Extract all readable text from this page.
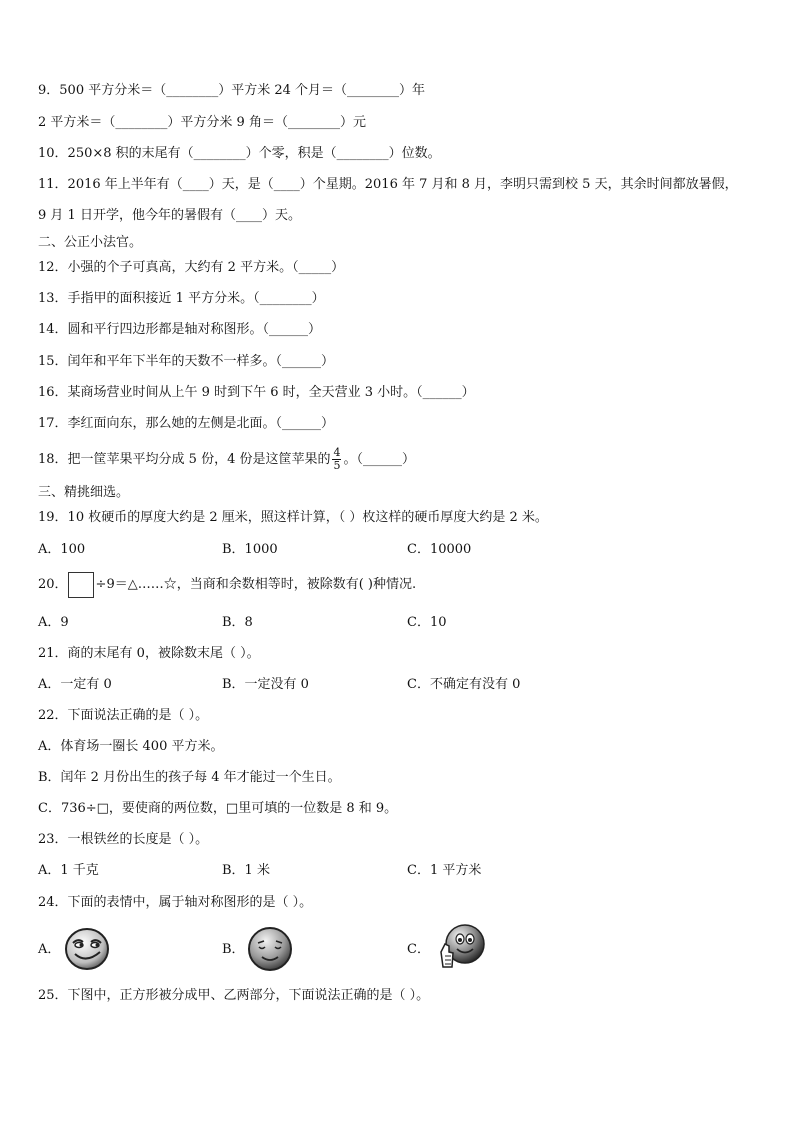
9．500 平方分米＝（________）平方米 24 个月＝（________）年
2 平方米＝（________）平方分米 9 角＝（________）元
10．250×8 积的末尾有（________）个零，积是（________）位数。
11．2016 年上半年有（____）天，是（____）个星期。2016 年 7 月和 8 月，李明只需到校 5 天，其余时间都放暑假，
9 月 1 日开学，他今年的暑假有（____）天。
二、公正小法官。
12．小强的个子可真高，大约有 2 平方米。（_____）
13．手指甲的面积接近 1 平方分米。（________）
14．圆和平行四边形都是轴对称图形。（______）
15．闰年和平年下半年的天数不一样多。（______）
16．某商场营业时间从上午 9 时到下午 6 时，全天营业 3 小时。（______）
17．李红面向东，那么她的左侧是北面。（______）
18．把一筐苹果平均分成 5 份，4 份是这筐苹果的 $\frac{4}{5}$ 。（______）
三、精挑细选。
19．10 枚硬币的厚度大约是 2 厘米，照这样计算，（ ）枚这样的硬币厚度大约是 2 米。
A．100	B．1000	C．10000
20． ÷9＝△……☆，当商和余数相等时，被除数有( )种情况.
A．9	B．8	C．10
21．商的末尾有 0，被除数末尾（ ）。
A．一定有 0	B．一定没有 0	C．不确定有没有 0
22．下面说法正确的是（ ）。
A．体育场一圈长 400 平方米。
B．闰年 2 月份出生的孩子每 4 年才能过一个生日。
C．736÷□，要使商的两位数，□里可填的一位数是 8 和 9。
23．一根铁丝的长度是（ ）。
A．1 千克	B．1 米	C．1 平方米
24．下面的表情中，属于轴对称图形的是（ ）。
A．	B．	C．
25．下图中，正方形被分成甲、乙两部分，下面说法正确的是（ ）。
